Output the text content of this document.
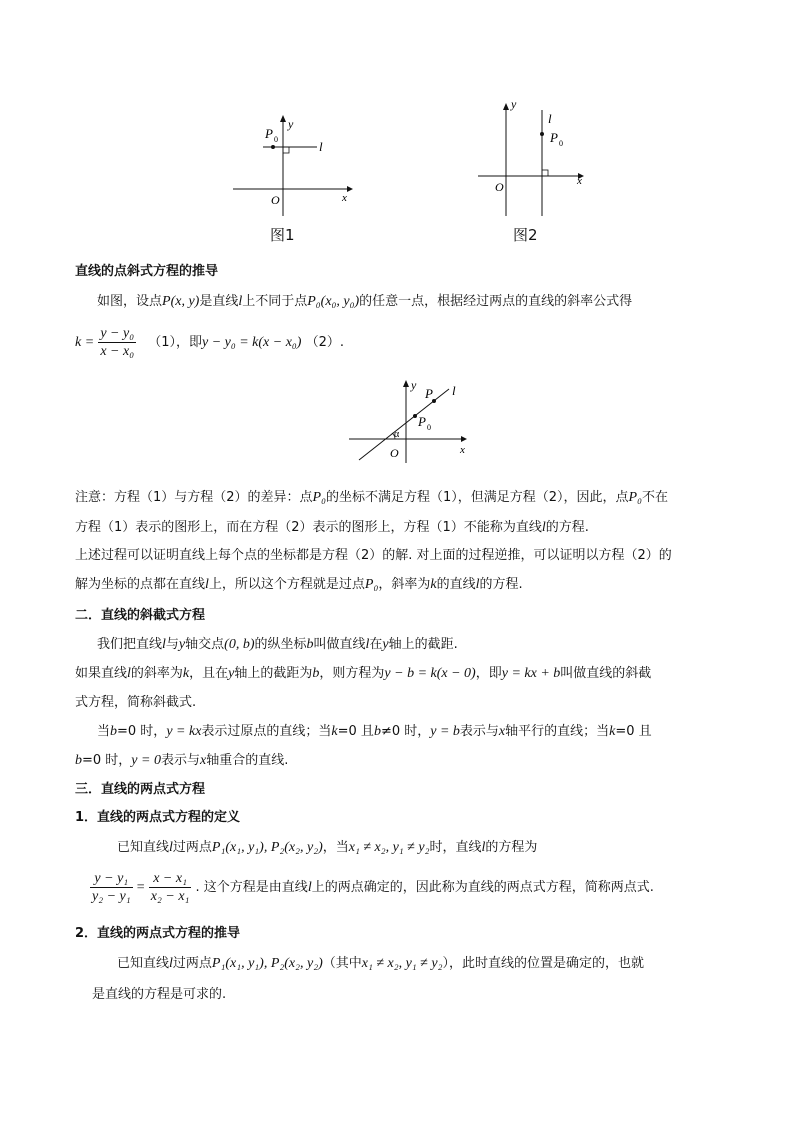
P 0
y
l
O	x
图1
y
l
P 0
O	x
图2
直线的点斜式方程的推导
如图，设点P(x, y)是直线l上不同于点P₀(x₀, y₀)的任意一点，根据经过两点的直线的斜率公式得
$k = \frac{\text{y − y₀}}{\text{x − x₀}} (1)$，即y − y₀ = k(x − x₀) （2）.
y
P l
P 0
α
O	x
注意：方程（1）与方程（2）的差异：点P₀的坐标不满足方程（1），但满足方程（2），因此，点P₀不在
方程（1）表示的图形上，而在方程（2）表示的图形上，方程（1）不能称为直线l的方程.
上述过程可以证明直线上每个点的坐标都是方程（2）的解. 对上面的过程逆推，可以证明以方程（2）的
解为坐标的点都在直线l上，所以这个方程就是过点P₀，斜率为k的直线l的方程.
二．直线的斜截式方程
我们把直线l与y轴交点(0, b)的纵坐标b叫做直线l在y轴上的截距.
如果直线l的斜率为k，且在y轴上的截距为b，则方程为y − b = k(x − 0)，即y = kx + b叫做直线的斜截
式方程，简称斜截式.
当b=0 时，y = kx表示过原点的直线；当k=0 且b≠0 时，y = b表示与x轴平行的直线；当k=0 且
b=0 时，y = 0表示与x轴重合的直线.
三．直线的两点式方程
1．直线的两点式方程的定义
已知直线l过两点P₁(x₁, y₁), P₂(x₂, y₂)，当x₁ ≠ x₂, y₁ ≠ y₂时，直线l的方程为
$\frac{\text{y − y₁}}{\text{y₂ − y₁}} = \frac{\text{x − x₁}}{\text{x₂ − x₁}}$ . 这个方程是由直线l上的两点确定的，因此称为直线的两点式方程，简称两点式.
2．直线的两点式方程的推导
已知直线l过两点P₁(x₁, y₁), P₂(x₂, y₂)（其中x₁ ≠ x₂, y₁ ≠ y₂），此时直线的位置是确定的，也就
是直线的方程是可求的.
